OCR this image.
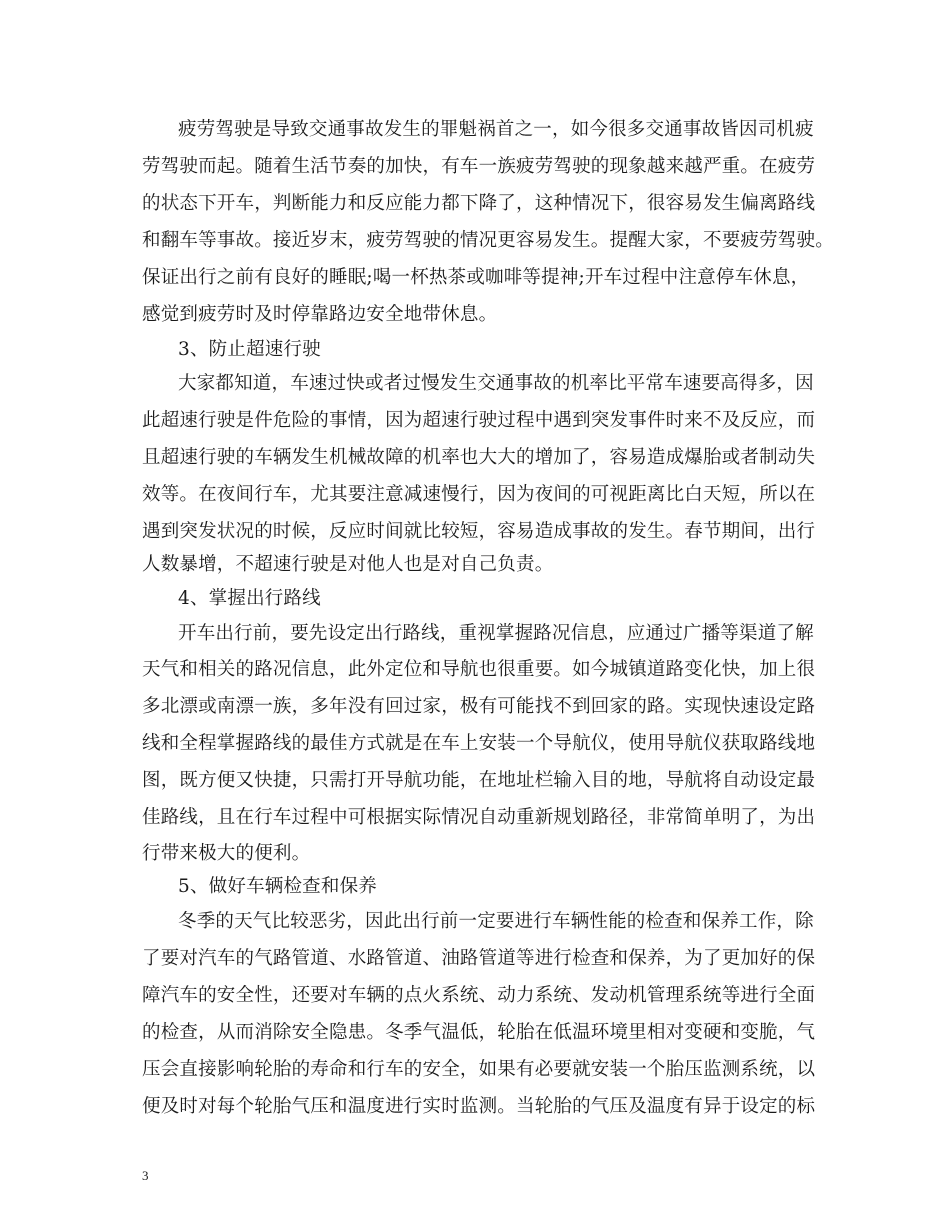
疲劳驾驶是导致交通事故发生的罪魁祸首之一，如今很多交通事故皆因司机疲
劳驾驶而起。随着生活节奏的加快，有车一族疲劳驾驶的现象越来越严重。在疲劳
的状态下开车，判断能力和反应能力都下降了，这种情况下，很容易发生偏离路线
和翻车等事故。接近岁末，疲劳驾驶的情况更容易发生。提醒大家，不要疲劳驾驶。
保证出行之前有良好的睡眠;喝一杯热茶或咖啡等提神;开车过程中注意停车休息，
感觉到疲劳时及时停靠路边安全地带休息。
3、防止超速行驶
大家都知道，车速过快或者过慢发生交通事故的机率比平常车速要高得多，因
此超速行驶是件危险的事情，因为超速行驶过程中遇到突发事件时来不及反应，而
且超速行驶的车辆发生机械故障的机率也大大的增加了，容易造成爆胎或者制动失
效等。在夜间行车，尤其要注意减速慢行，因为夜间的可视距离比白天短，所以在
遇到突发状况的时候，反应时间就比较短，容易造成事故的发生。春节期间，出行
人数暴增，不超速行驶是对他人也是对自己负责。
4、掌握出行路线
开车出行前，要先设定出行路线，重视掌握路况信息，应通过广播等渠道了解
天气和相关的路况信息，此外定位和导航也很重要。如今城镇道路变化快，加上很
多北漂或南漂一族，多年没有回过家，极有可能找不到回家的路。实现快速设定路
线和全程掌握路线的最佳方式就是在车上安装一个导航仪，使用导航仪获取路线地
图，既方便又快捷，只需打开导航功能，在地址栏输入目的地，导航将自动设定最
佳路线，且在行车过程中可根据实际情况自动重新规划路径，非常简单明了，为出
行带来极大的便利。
5、做好车辆检查和保养
冬季的天气比较恶劣，因此出行前一定要进行车辆性能的检查和保养工作，除
了要对汽车的气路管道、水路管道、油路管道等进行检查和保养，为了更加好的保
障汽车的安全性，还要对车辆的点火系统、动力系统、发动机管理系统等进行全面
的检查，从而消除安全隐患。冬季气温低，轮胎在低温环境里相对变硬和变脆，气
压会直接影响轮胎的寿命和行车的安全，如果有必要就安装一个胎压监测系统，以
便及时对每个轮胎气压和温度进行实时监测。当轮胎的气压及温度有异于设定的标
3
